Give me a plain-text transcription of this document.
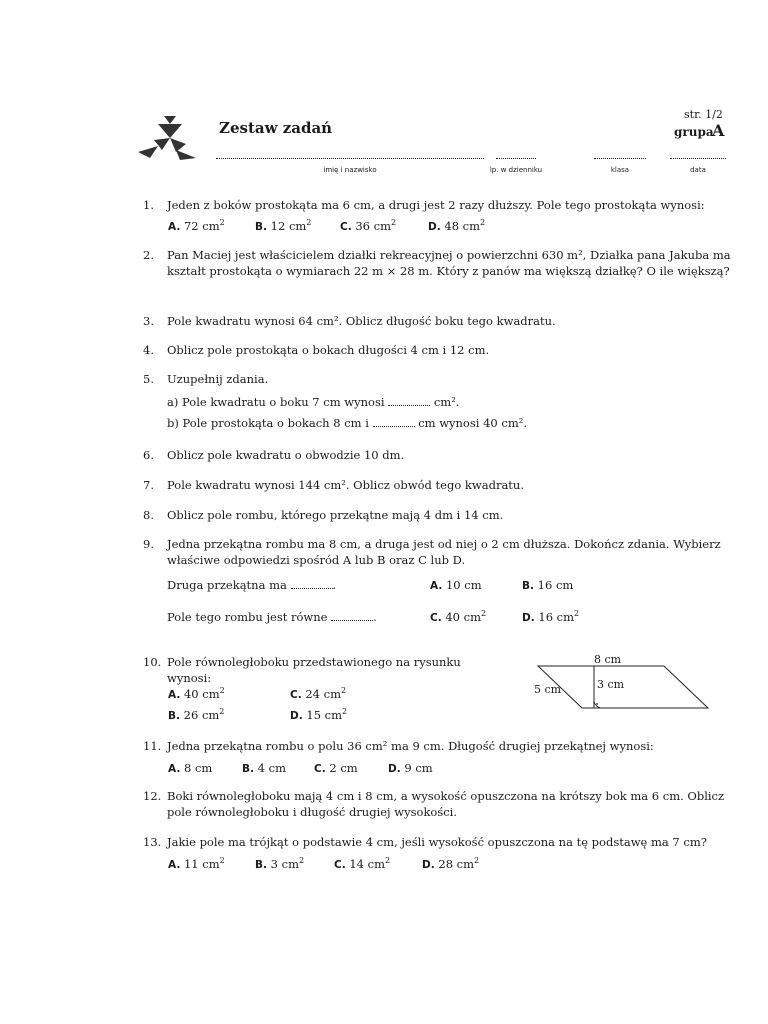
Zestaw zadań
str. 1/2
grupa
A
imię i nazwisko	lp. w dzienniku	klasa	data
1.	Jeden z boków prostokąta ma 6 cm, a drugi jest 2 razy dłuższy. Pole tego prostokąta wynosi:
A. 72 $cm^2$	B. 12 $cm^2$	C. 36 $cm^2$	D. 48 $cm^2$
2.	Pan Maciej jest właścicielem działki rekreacyjnej o powierzchni 630 m², Działka pana Jakuba ma kształt prostokąta o wymiarach 22 m × 28 m. Który z panów ma większą działkę? O ile większą?
3.	Pole kwadratu wynosi 64 cm². Oblicz długość boku tego kwadratu.
4.	Oblicz pole prostokąta o bokach długości 4 cm i 12 cm.
5.	Uzupełnij zdania.
a) Pole kwadratu o boku 7 cm wynosi	cm².
b) Pole prostokąta o bokach 8 cm i	cm wynosi 40 cm².
6.	Oblicz pole kwadratu o obwodzie 10 dm.
7.	Pole kwadratu wynosi 144 cm². Oblicz obwód tego kwadratu.
8.	Oblicz pole rombu, którego przekątne mają 4 dm i 14 cm.
9.	Jedna przekątna rombu ma 8 cm, a druga jest od niej o 2 cm dłuższa. Dokończ zdania. Wybierz właściwe odpowiedzi spośród A lub B oraz C lub D.
Druga przekątna ma	.	A. 10 cm	B. 16 cm
Pole tego rombu jest równe	.	C. 40 $cm^2$	D. 16 $cm^2$
10. Pole równoległoboku przedstawionego na rysunku wynosi:
A. 40 $cm^2$	C. 24 $cm^2$
B. 26 $cm^2$	D. 15 $cm^2$
8 cm
5 cm	3 cm
11. Jedna przekątna rombu o polu 36 cm² ma 9 cm. Długość drugiej przekątnej wynosi:
A. 8 cm	B. 4 cm	C. 2 cm	D. 9 cm
12. Boki równoległoboku mają 4 cm i 8 cm, a wysokość opuszczona na krótszy bok ma 6 cm. Oblicz pole równoległoboku i długość drugiej wysokości.
13. Jakie pole ma trójkąt o podstawie 4 cm, jeśli wysokość opuszczona na tę podstawę ma 7 cm?
A. 11 $cm^2$	B. 3 $cm^2$	C. 14 $cm^2$	D. 28 $cm^2$
